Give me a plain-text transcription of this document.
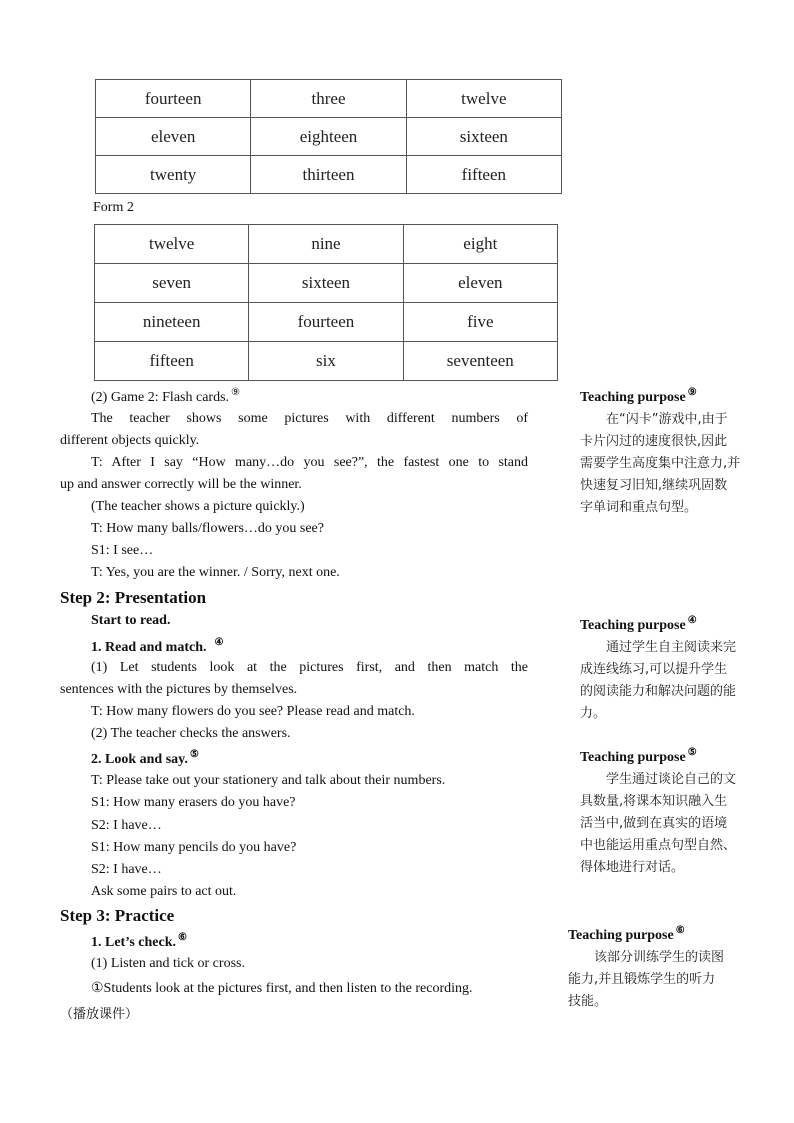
fourteen	three	twelve
eleven	eighteen	sixteen
twenty	thirteen	fifteen
Form 2
twelve	nine	eight
seven	sixteen	eleven
nineteen	fourteen	five
fifteen	six	seventeen
(2) Game 2: Flash cards. ⑨
The teacher shows some pictures with different numbers of
different objects quickly.
T: After I say “How many…do you see?”, the fastest one to stand
up and answer correctly will be the winner.
(The teacher shows a picture quickly.)
T: How many balls/flowers…do you see?
S1: I see…
T: Yes, you are the winner. / Sorry, next one.
Step 2: Presentation
Start to read.
1. Read and match. ④
(1) Let students look at the pictures first, and then match the
sentences with the pictures by themselves.
T: How many flowers do you see? Please read and match.
(2) The teacher checks the answers.
2. Look and say. ⑤
T: Please take out your stationery and talk about their numbers.
S1: How many erasers do you have?
S2: I have…
S1: How many pencils do you have?
S2: I have…
Ask some pairs to act out.
Step 3: Practice
1. Let’s check. ⑥
(1) Listen and tick or cross.
①Students look at the pictures first, and then listen to the recording.
（播放课件）
Teaching purpose ⑨
在“闪卡”游戏中,由于
卡片闪过的速度很快,因此
需要学生高度集中注意力,并
快速复习旧知,继续巩固数
字单词和重点句型。
Teaching purpose ④
通过学生自主阅读来完
成连线练习,可以提升学生
的阅读能力和解决问题的能
力。
Teaching purpose ⑤
学生通过谈论自己的文
具数量,将课本知识融入生
活当中,做到在真实的语境
中也能运用重点句型自然、
得体地进行对话。
Teaching purpose ⑥
该部分训练学生的读图
能力,并且锻炼学生的听力
技能。
